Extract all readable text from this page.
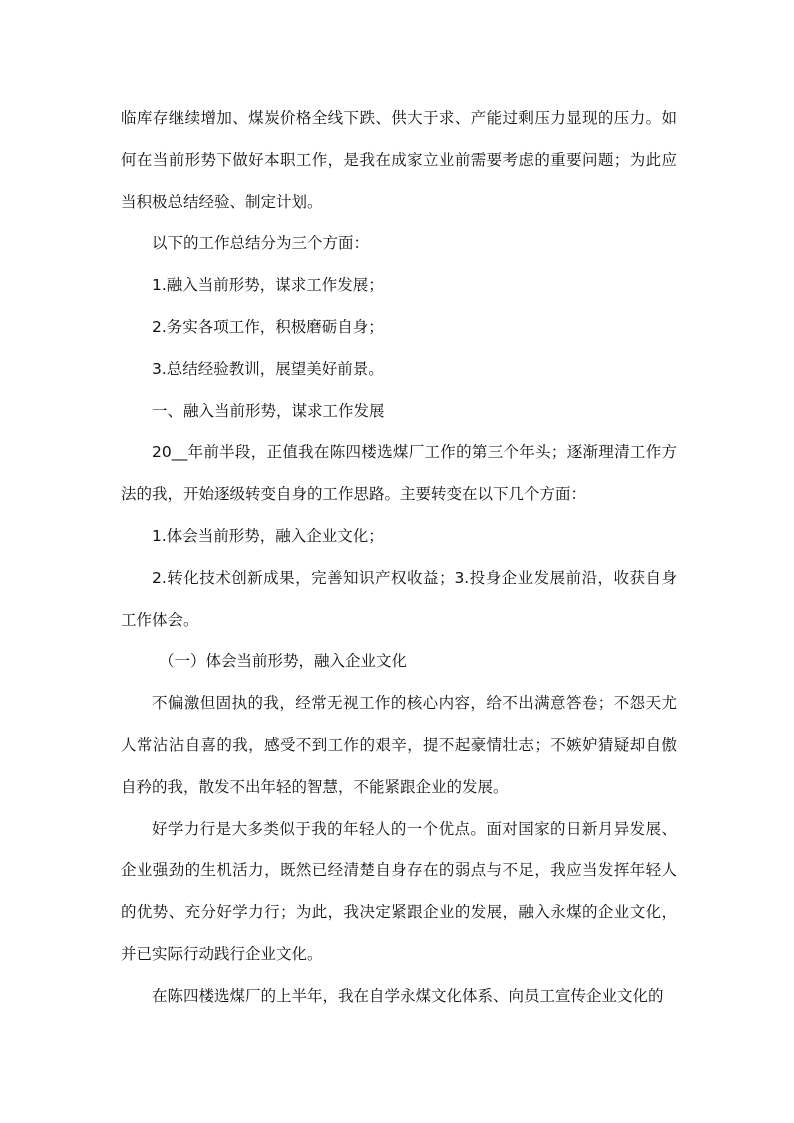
临库存继续增加、煤炭价格全线下跌、供大于求、产能过剩压力显现的压力。如何在当前形势下做好本职工作，是我在成家立业前需要考虑的重要问题；为此应当积极总结经验、制定计划。

以下的工作总结分为三个方面：

1.融入当前形势，谋求工作发展；

2.务实各项工作，积极磨砺自身；

3.总结经验教训，展望美好前景。

一、融入当前形势，谋求工作发展

20__年前半段，正值我在陈四楼选煤厂工作的第三个年头；逐渐理清工作方法的我，开始逐级转变自身的工作思路。主要转变在以下几个方面：

1.体会当前形势，融入企业文化；

2.转化技术创新成果，完善知识产权收益；3.投身企业发展前沿，收获自身工作体会。

（一）体会当前形势，融入企业文化

不偏激但固执的我，经常无视工作的核心内容，给不出满意答卷；不怨天尤人常沾沾自喜的我，感受不到工作的艰辛，提不起豪情壮志；不嫉妒猜疑却自傲自矜的我，散发不出年轻的智慧，不能紧跟企业的发展。

好学力行是大多类似于我的年轻人的一个优点。面对国家的日新月异发展、企业强劲的生机活力，既然已经清楚自身存在的弱点与不足，我应当发挥年轻人的优势、充分好学力行；为此，我决定紧跟企业的发展，融入永煤的企业文化，并已实际行动践行企业文化。

在陈四楼选煤厂的上半年，我在自学永煤文化体系、向员工宣传企业文化的
